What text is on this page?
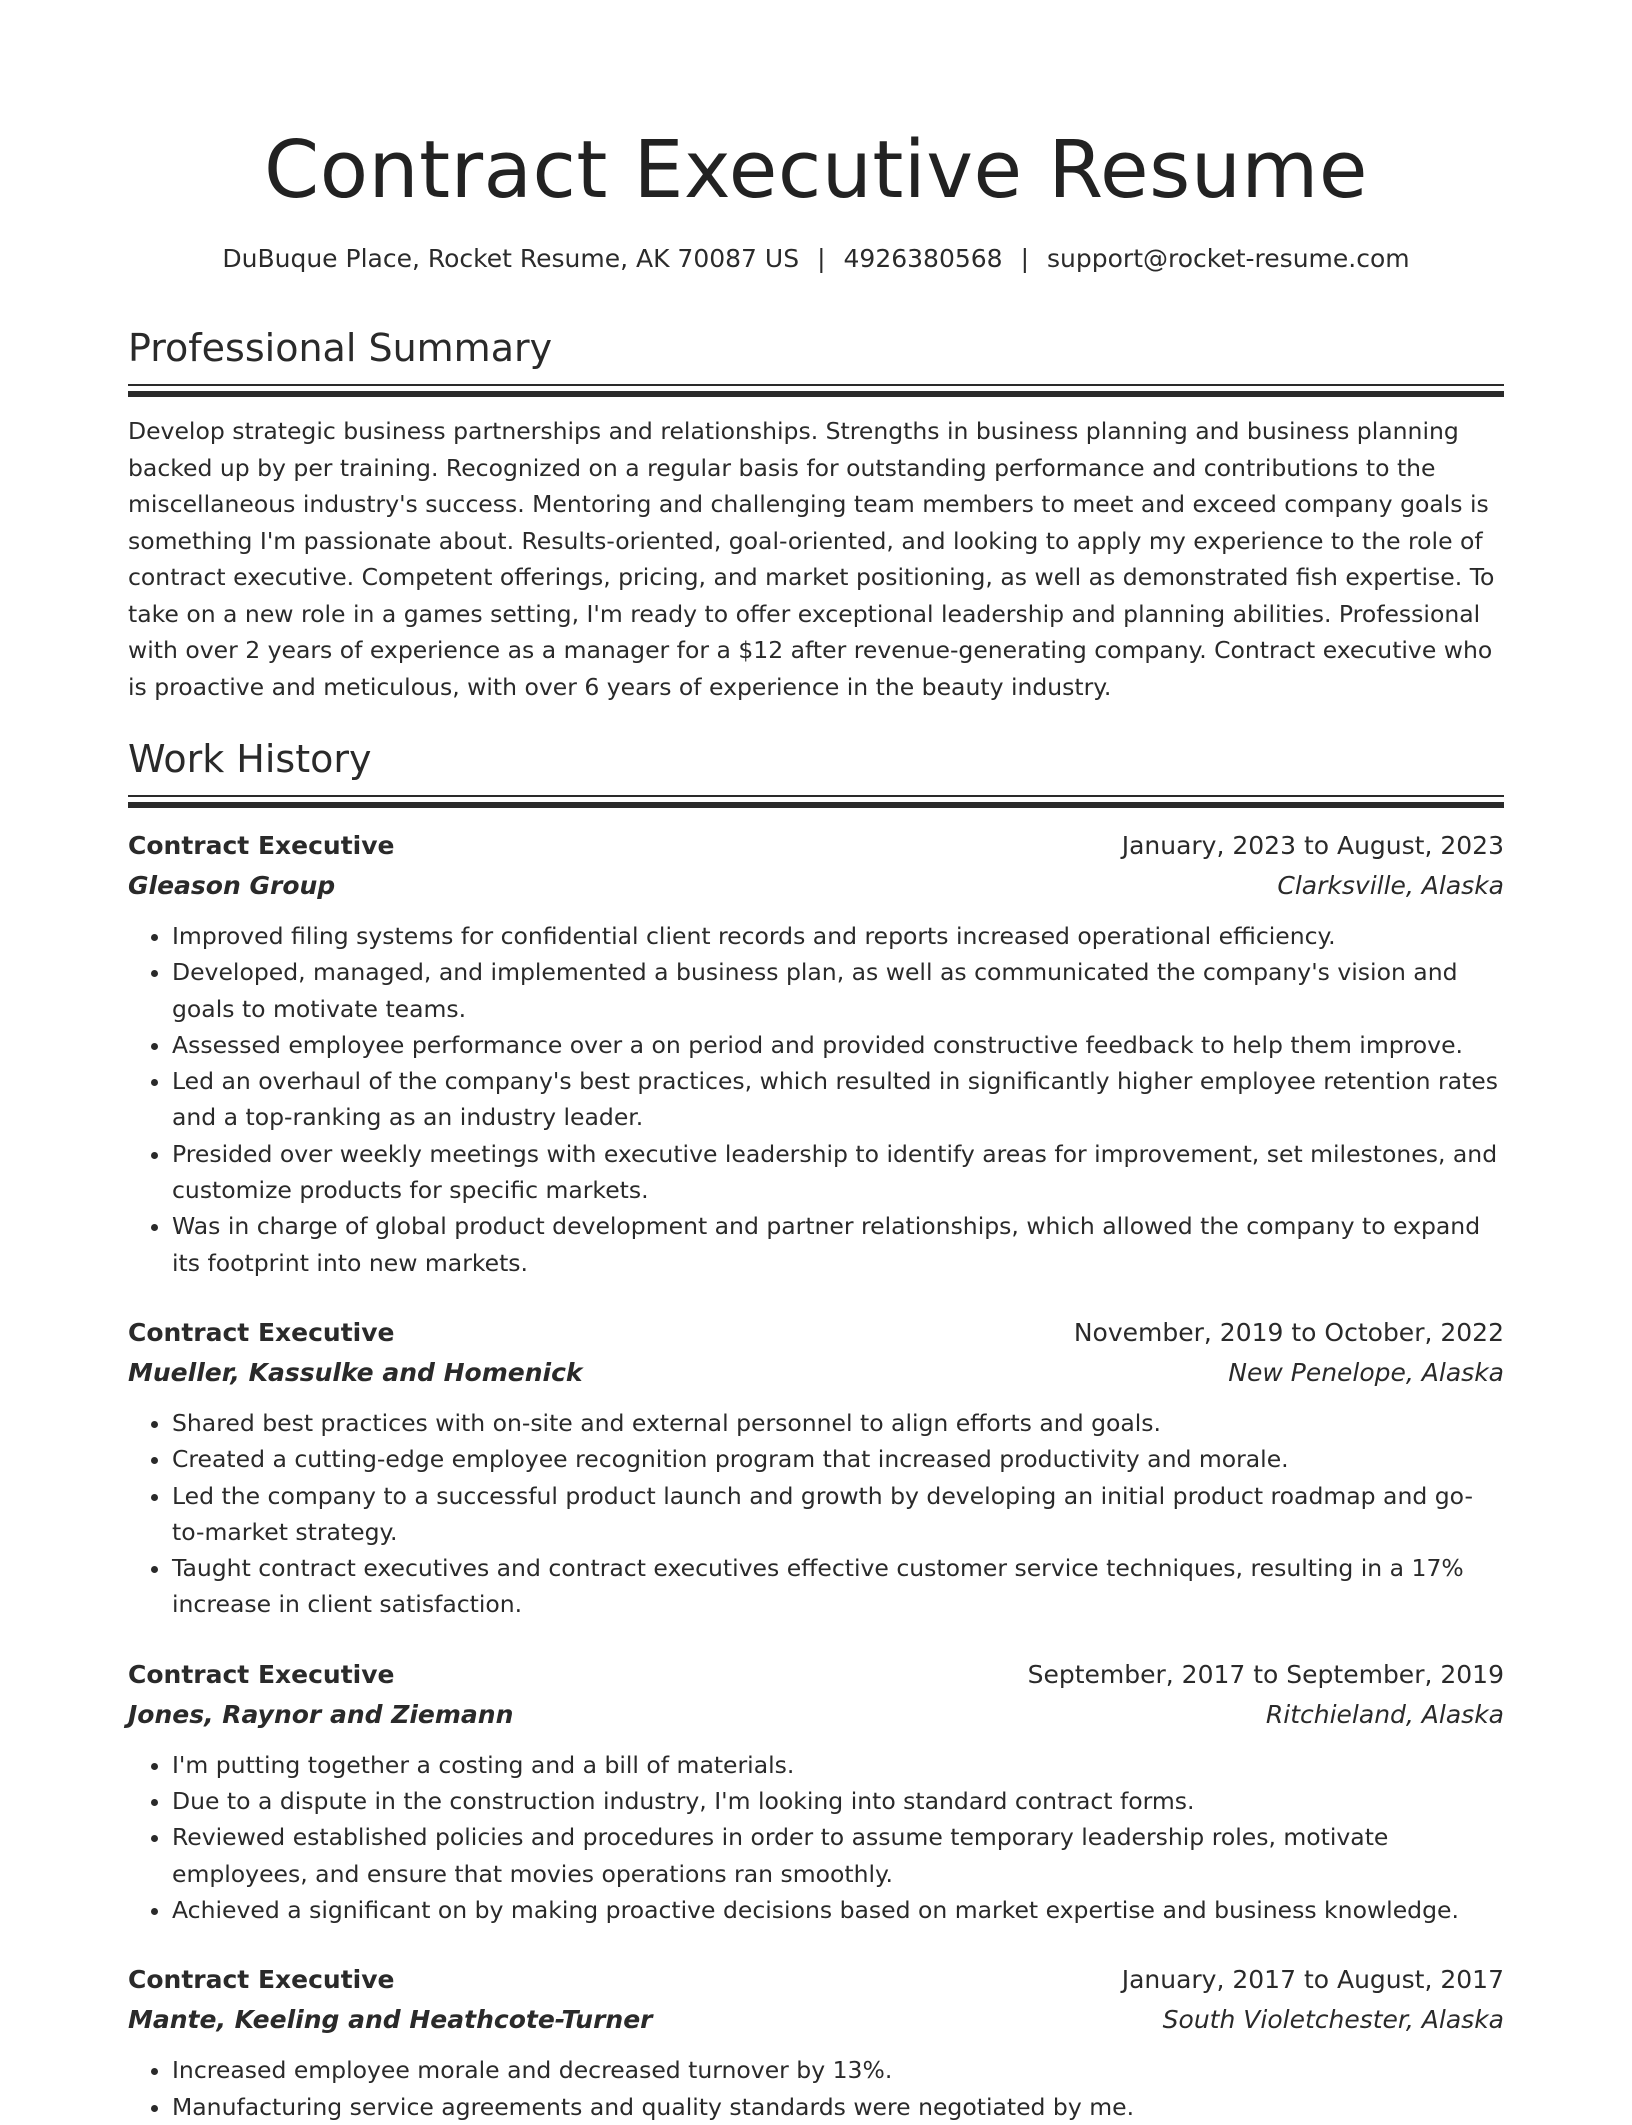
Contract Executive Resume
DuBuque Place, Rocket Resume, AK 70087 US | 4926380568 | support@rocket-resume.com
Professional Summary

Develop strategic business partnerships and relationships. Strengths in business planning and business planning backed up by per training. Recognized on a regular basis for outstanding performance and contributions to the miscellaneous industry's success. Mentoring and challenging team members to meet and exceed company goals is something I'm passionate about. Results-oriented, goal-oriented, and looking to apply my experience to the role of contract executive. Competent offerings, pricing, and market positioning, as well as demonstrated fish expertise. To take on a new role in a games setting, I'm ready to offer exceptional leadership and planning abilities. Professional with over 2 years of experience as a manager for a $12 after revenue-generating company. Contract executive who is proactive and meticulous, with over 6 years of experience in the beauty industry.

Work History
Contract Executive	January, 2023 to August, 2023
Gleason Group	Clarksville, Alaska
• Improved filing systems for confidential client records and reports increased operational efficiency.
• Developed, managed, and implemented a business plan, as well as communicated the company's vision and goals to motivate teams.
• Assessed employee performance over a on period and provided constructive feedback to help them improve.
• Led an overhaul of the company's best practices, which resulted in significantly higher employee retention rates and a top-ranking as an industry leader.
• Presided over weekly meetings with executive leadership to identify areas for improvement, set milestones, and customize products for specific markets.
• Was in charge of global product development and partner relationships, which allowed the company to expand its footprint into new markets.
Contract Executive	November, 2019 to October, 2022
Mueller, Kassulke and Homenick	New Penelope, Alaska
• Shared best practices with on-site and external personnel to align efforts and goals.
• Created a cutting-edge employee recognition program that increased productivity and morale.
• Led the company to a successful product launch and growth by developing an initial product roadmap and go-to-market strategy.
• Taught contract executives and contract executives effective customer service techniques, resulting in a 17% increase in client satisfaction.
Contract Executive	September, 2017 to September, 2019
Jones, Raynor and Ziemann	Ritchieland, Alaska
• I'm putting together a costing and a bill of materials.
• Due to a dispute in the construction industry, I'm looking into standard contract forms.
• Reviewed established policies and procedures in order to assume temporary leadership roles, motivate employees, and ensure that movies operations ran smoothly.
• Achieved a significant on by making proactive decisions based on market expertise and business knowledge.
Contract Executive	January, 2017 to August, 2017
Mante, Keeling and Heathcote-Turner	South Violetchester, Alaska
• Increased employee morale and decreased turnover by 13%.
• Manufacturing service agreements and quality standards were negotiated by me.
